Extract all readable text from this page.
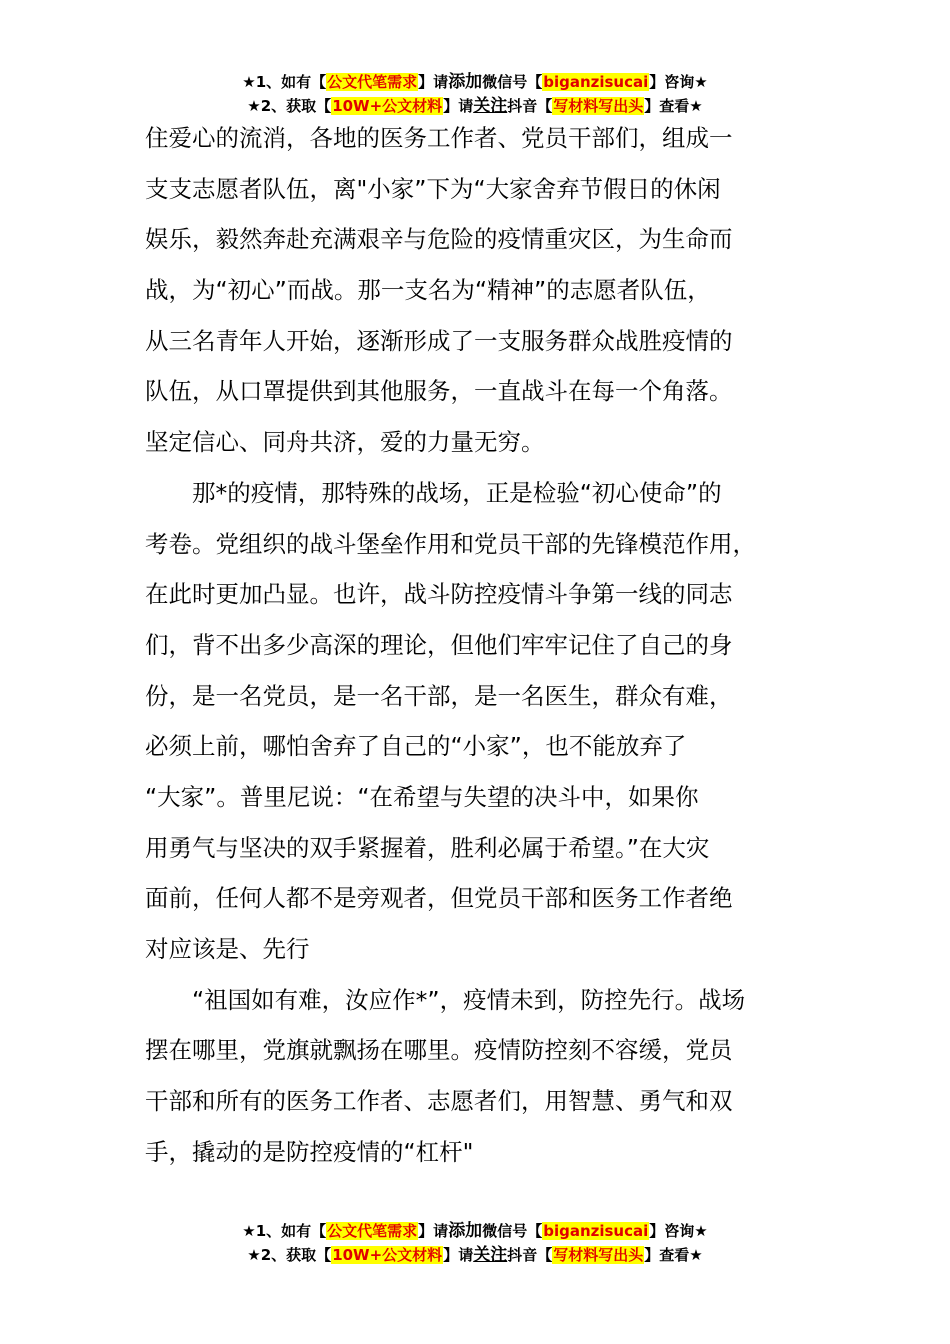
★1、如有【公文代笔需求】请添加微信号【biganzisucai】咨询★
★2、获取【10W+公文材料】请关注抖音【写材料写出头】查看★
住爱心的流消，各地的医务工作者、党员干部们，组成一
支支志愿者队伍，离"小家”下为“大家舍弃节假日的休闲
娱乐，毅然奔赴充满艰辛与危险的疫情重灾区，为生命而
战，为“初心”而战。那一支名为“精神”的志愿者队伍，
从三名青年人开始，逐渐形成了一支服务群众战胜疫情的
队伍，从口罩提供到其他服务，一直战斗在每一个角落。
坚定信心、同舟共济，爱的力量无穷。
　　那*的疫情，那特殊的战场，正是检验“初心使命”的
考卷。党组织的战斗堡垒作用和党员干部的先锋模范作用，
在此时更加凸显。也许，战斗防控疫情斗争第一线的同志
们，背不出多少高深的理论，但他们牢牢记住了自己的身
份，是一名党员，是一名干部，是一名医生，群众有难，
必须上前，哪怕舍弃了自己的“小家”，也不能放弃了
“大家”。普里尼说：“在希望与失望的决斗中，如果你
用勇气与坚决的双手紧握着，胜利必属于希望。”在大灾
面前，任何人都不是旁观者，但党员干部和医务工作者绝
对应该是、先行
　　“祖国如有难，汝应作*”，疫情未到，防控先行。战场
摆在哪里，党旗就飘扬在哪里。疫情防控刻不容缓，党员
干部和所有的医务工作者、志愿者们，用智慧、勇气和双
手，撬动的是防控疫情的“杠杆"
★1、如有【公文代笔需求】请添加微信号【biganzisucai】咨询★
★2、获取【10W+公文材料】请关注抖音【写材料写出头】查看★
